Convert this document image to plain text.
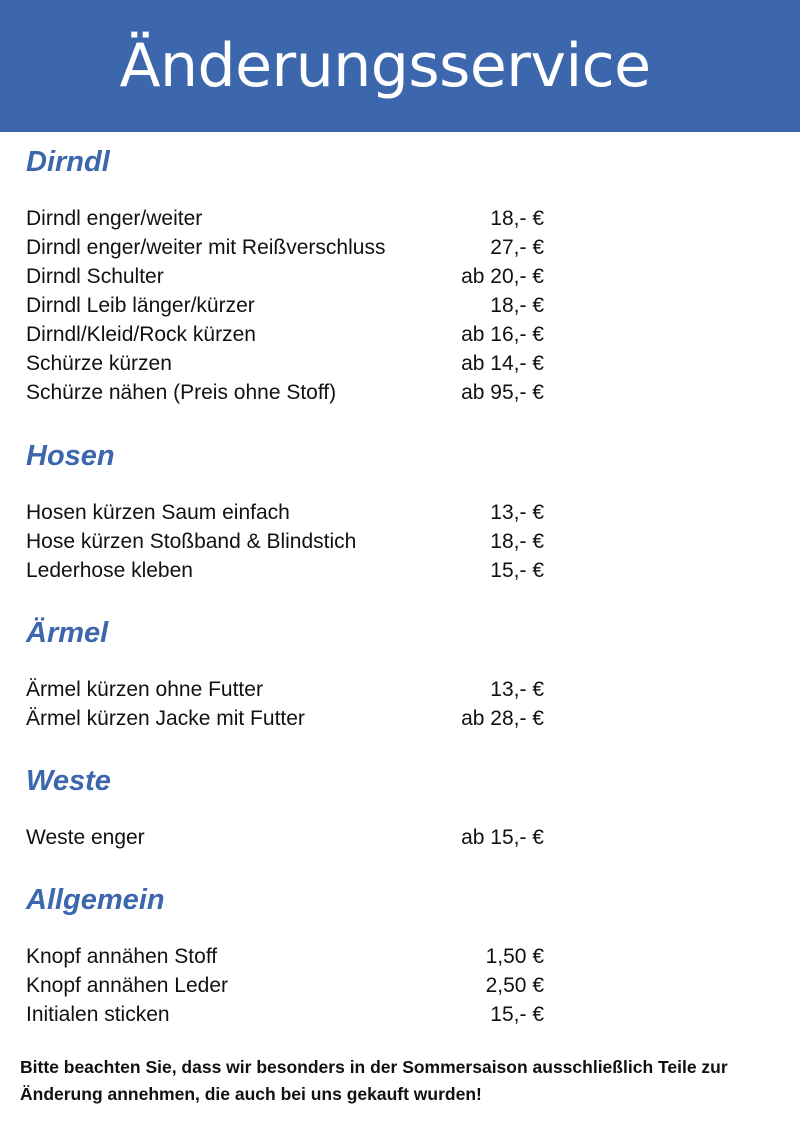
Änderungsservice
Dirndl
Dirndl enger/weiter	18,- €
Dirndl enger/weiter mit Reißverschluss	27,- €
Dirndl Schulter	ab 20,- €
Dirndl Leib länger/kürzer	18,- €
Dirndl/Kleid/Rock kürzen	ab 16,- €
Schürze kürzen	ab 14,- €
Schürze nähen (Preis ohne Stoff)	ab 95,- €
Hosen
Hosen kürzen Saum einfach	13,- €
Hose kürzen Stoßband & Blindstich	18,- €
Lederhose kleben	15,- €
Ärmel
Ärmel kürzen ohne Futter	13,- €
Ärmel kürzen Jacke mit Futter	ab 28,- €
Weste
Weste enger	ab 15,- €
Allgemein
Knopf annähen Stoff	1,50 €
Knopf annähen Leder	2,50 €
Initialen sticken	15,- €
Bitte beachten Sie, dass wir besonders in der Sommersaison ausschließlich Teile zur Änderung annehmen, die auch bei uns gekauft wurden!
